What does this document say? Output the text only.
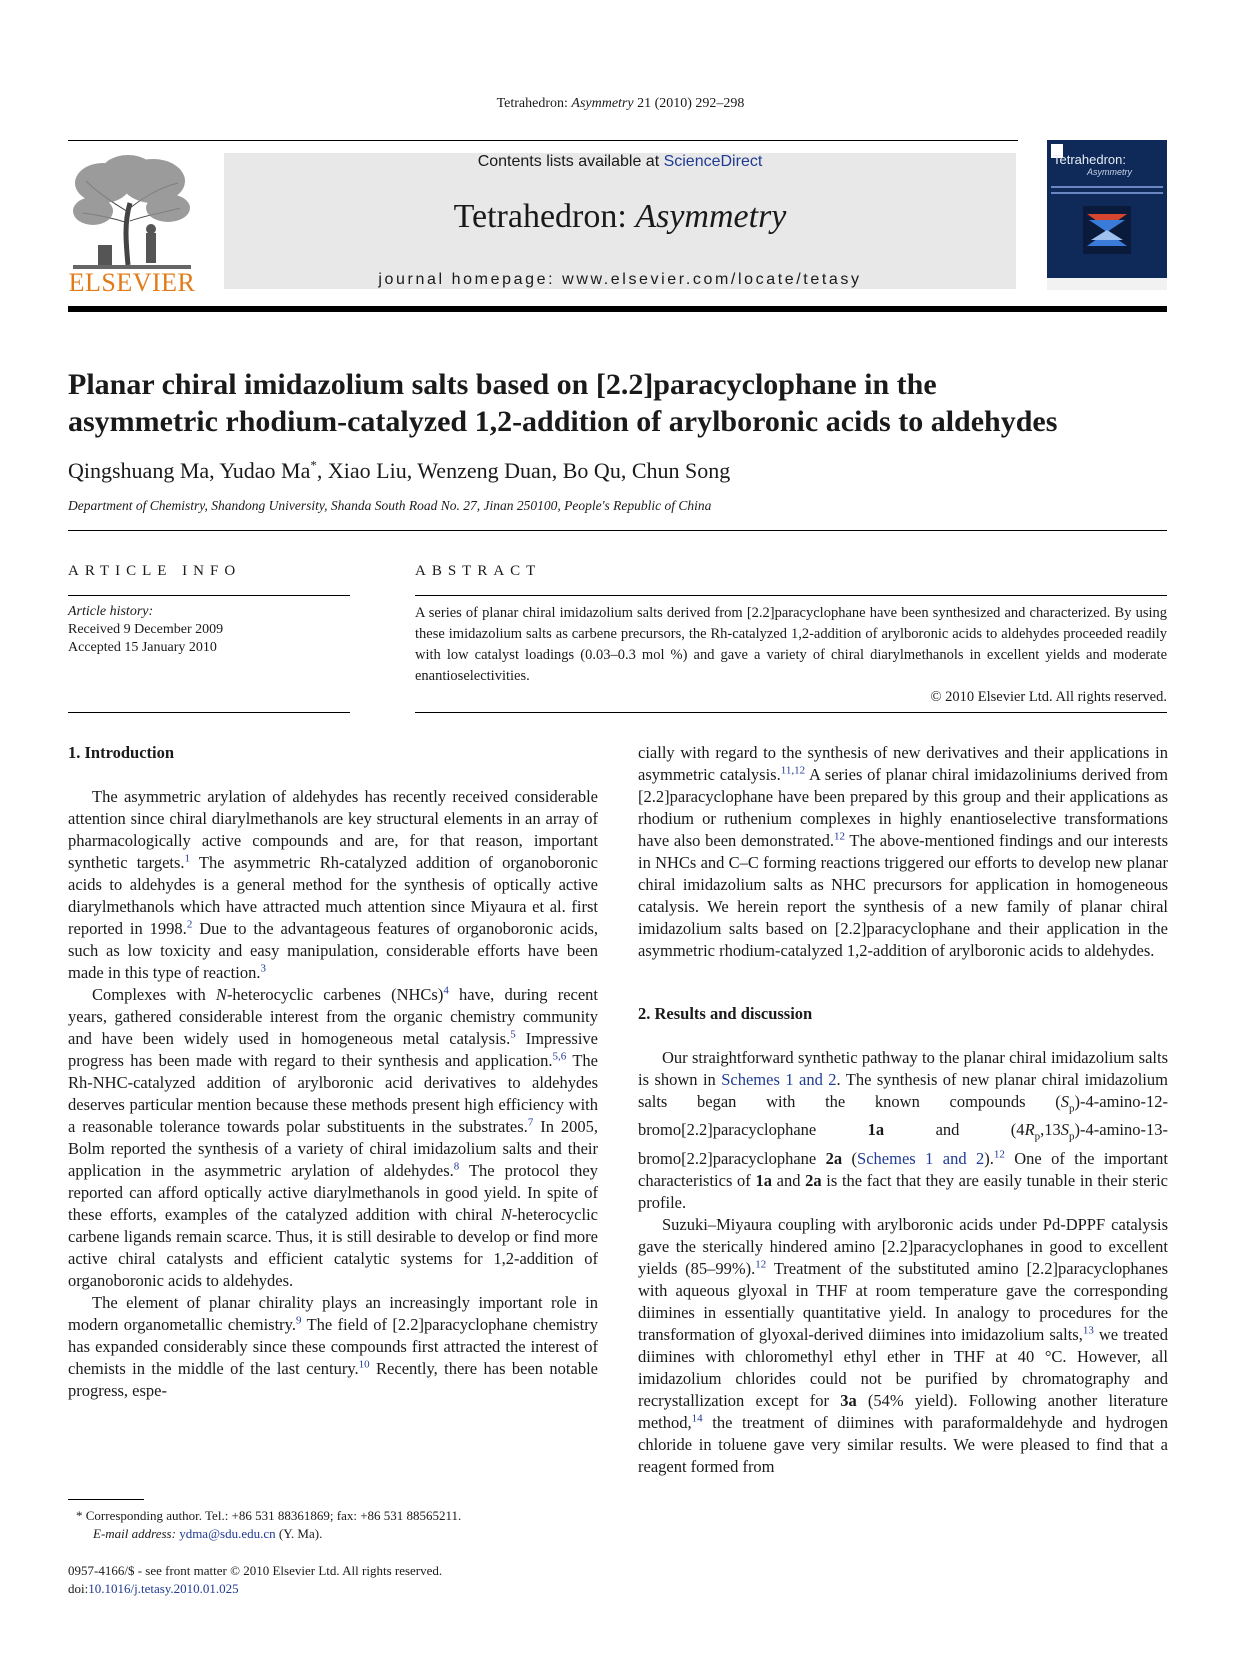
Tetrahedron: Asymmetry 21 (2010) 292–298
ELSEVIER
Contents lists available at ScienceDirect
Tetrahedron: Asymmetry
journal homepage: www.elsevier.com/locate/tetasy
Tetrahedron:
Asymmetry
Planar chiral imidazolium salts based on [2.2]paracyclophane in the
asymmetric rhodium-catalyzed 1,2-addition of arylboronic acids to aldehydes
Qingshuang Ma, Yudao Ma*, Xiao Liu, Wenzeng Duan, Bo Qu, Chun Song
Department of Chemistry, Shandong University, Shanda South Road No. 27, Jinan 250100, People's Republic of China
ARTICLE INFO
Article history:
Received 9 December 2009
Accepted 15 January 2010
ABSTRACT
A series of planar chiral imidazolium salts derived from [2.2]paracyclophane have been synthesized and characterized. By using these imidazolium salts as carbene precursors, the Rh-catalyzed 1,2-addition of arylboronic acids to aldehydes proceeded readily with low catalyst loadings (0.03–0.3 mol %) and gave a variety of chiral diarylmethanols in excellent yields and moderate enantioselectivities.
© 2010 Elsevier Ltd. All rights reserved.
1. Introduction

The asymmetric arylation of aldehydes has recently received considerable attention since chiral diarylmethanols are key structural elements in an array of pharmacologically active compounds and are, for that reason, important synthetic targets.$^1$ The asymmetric Rh-catalyzed addition of organoboronic acids to aldehydes is a general method for the synthesis of optically active diarylmethanols which have attracted much attention since Miyaura et al. first reported in 1998.$^2$ Due to the advantageous features of organoboronic acids, such as low toxicity and easy manipulation, considerable efforts have been made in this type of reaction.$^3$

Complexes with N-heterocyclic carbenes (NHCs)$^4$ have, during recent years, gathered considerable interest from the organic chemistry community and have been widely used in homogeneous metal catalysis.$^5$ Impressive progress has been made with regard to their synthesis and application.$^{5,6}$ The Rh-NHC-catalyzed addition of arylboronic acid derivatives to aldehydes deserves particular mention because these methods present high efficiency with a reasonable tolerance towards polar substituents in the substrates.$^7$ In 2005, Bolm reported the synthesis of a variety of chiral imidazolium salts and their application in the asymmetric arylation of aldehydes.$^8$ The protocol they reported can afford optically active diarylmethanols in good yield. In spite of these efforts, examples of the catalyzed addition with chiral N-heterocyclic carbene ligands remain scarce. Thus, it is still desirable to develop or find more active chiral catalysts and efficient catalytic systems for 1,2-addition of organoboronic acids to aldehydes.

The element of planar chirality plays an increasingly important role in modern organometallic chemistry.$^9$ The field of [2.2]paracyclophane chemistry has expanded considerably since these compounds first attracted the interest of chemists in the middle of the last century.$^{10}$ Recently, there has been notable progress, espe-

cially with regard to the synthesis of new derivatives and their applications in asymmetric catalysis.$^{11,12}$ A series of planar chiral imidazoliniums derived from [2.2]paracyclophane have been prepared by this group and their applications as rhodium or ruthenium complexes in highly enantioselective transformations have also been demonstrated.$^{12}$ The above-mentioned findings and our interests in NHCs and C–C forming reactions triggered our efforts to develop new planar chiral imidazolium salts as NHC precursors for application in homogeneous catalysis. We herein report the synthesis of a new family of planar chiral imidazolium salts based on [2.2]paracyclophane and their application in the asymmetric rhodium-catalyzed 1,2-addition of arylboronic acids to aldehydes.

2. Results and discussion

Our straightforward synthetic pathway to the planar chiral imidazolium salts is shown in Schemes 1 and 2. The synthesis of new planar chiral imidazolium salts began with the known compounds $(S_p)-4-amino-12-bromo[2.2]paracyclophane$ 1a and $(4R_p,13S_p)-4-amino-13-bromo[2.2]paracyclophane$ 2a (Schemes 1 and 2).$^{12}$ One of the important characteristics of 1a and 2a is the fact that they are easily tunable in their steric profile.

Suzuki–Miyaura coupling with arylboronic acids under Pd-DPPF catalysis gave the sterically hindered amino [2.2]paracyclophanes in good to excellent yields (85–99%).$^{12}$ Treatment of the substituted amino [2.2]paracyclophanes with aqueous glyoxal in THF at room temperature gave the corresponding diimines in essentially quantitative yield. In analogy to procedures for the transformation of glyoxal-derived diimines into imidazolium salts,$^{13}$ we treated diimines with chloromethyl ethyl ether in THF at 40 °C. However, all imidazolium chlorides could not be purified by chromatography and recrystallization except for 3a (54% yield). Following another literature method,$^{14}$ the treatment of diimines with paraformaldehyde and hydrogen chloride in toluene gave very similar results. We were pleased to find that a reagent formed from

* Corresponding author. Tel.: +86 531 88361869; fax: +86 531 88565211.
E-mail address: ydma@sdu.edu.cn (Y. Ma).
0957-4166/$ - see front matter © 2010 Elsevier Ltd. All rights reserved.
doi:10.1016/j.tetasy.2010.01.025
